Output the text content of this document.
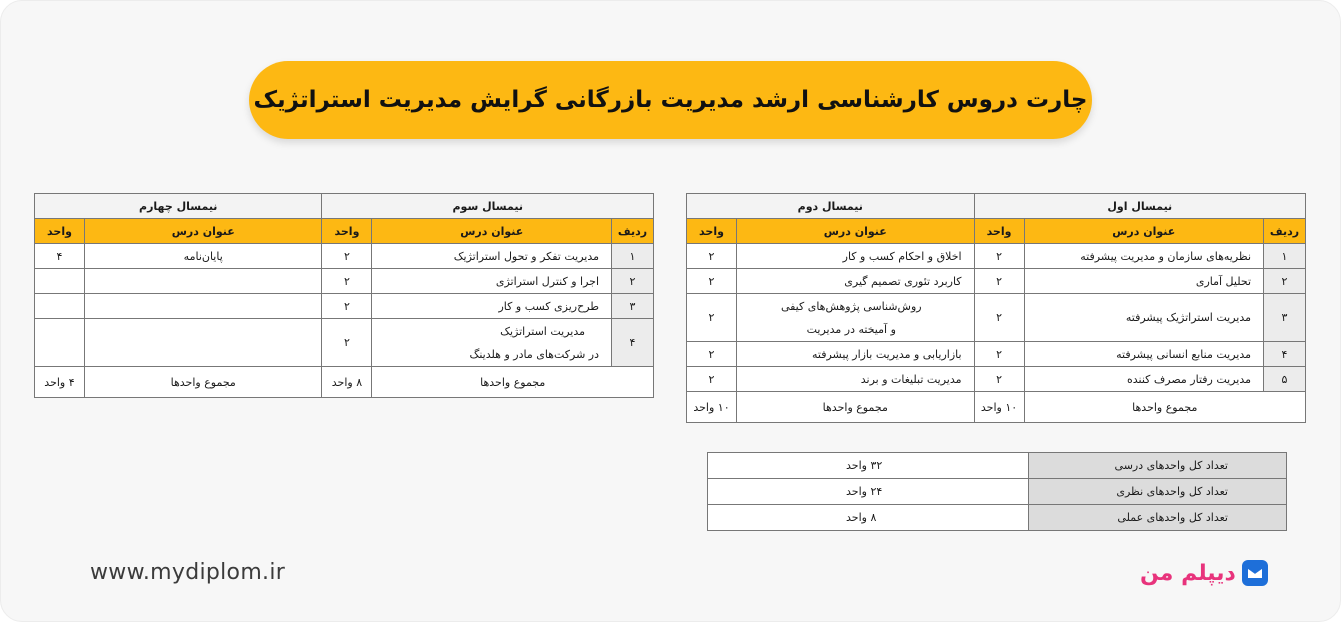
چارت دروس کارشناسی ارشد مدیریت بازرگانی گرایش مدیریت استراتژیک
نیمسال اول			نیمسال دوم	
ردیف	عنوان درس	واحد	عنوان درس	واحد
۱	نظریه‌های سازمان و مدیریت پیشرفته	۲	اخلاق و احکام کسب و کار	۲
۲	تحلیل آماری	۲	کاربرد تئوری تصمیم گیری	۲
۳	مدیریت استراتژیک پیشرفته	۲	روش‌شناسی پژوهش‌های کیفی
و آمیخته در مدیریت	۲
۴	مدیریت منابع انسانی پیشرفته	۲	بازاریابی و مدیریت بازار پیشرفته	۲
۵	مدیریت رفتار مصرف کننده	۲	مدیریت تبلیغات و برند	۲
مجموع واحدها		۱۰ واحد	مجموع واحدها	۱۰ واحد
نیمسال سوم			نیمسال چهارم	
ردیف	عنوان درس	واحد	عنوان درس	واحد
۱	مدیریت تفکر و تحول استراتژیک	۲	پایان‌نامه	۴
۲	اجرا و کنترل استراتژی	۲		
۳	طرح‌ریزی کسب و کار	۲		
۴	مدیریت استراتژیک
در شرکت‌های مادر و هلدینگ	۲		
مجموع واحدها		۸ واحد	مجموع واحدها	۴ واحد
تعداد کل واحدهای درسی	۳۲ واحد
تعداد کل واحدهای نظری	۲۴ واحد
تعداد کل واحدهای عملی	۸ واحد
www.mydiplom.ir	دیپلم من
